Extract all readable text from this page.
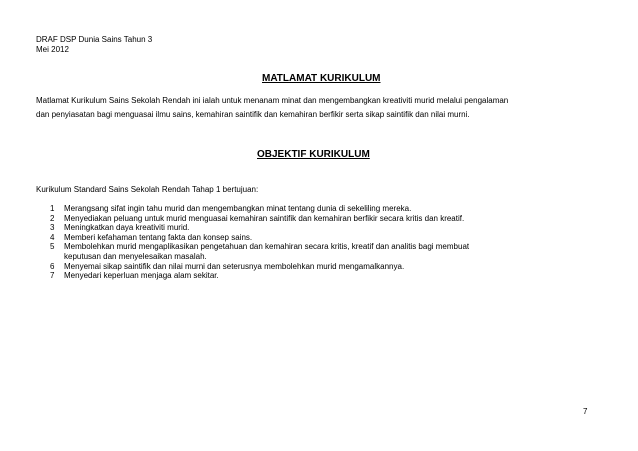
DRAF DSP Dunia Sains Tahun 3
Mei 2012
MATLAMAT KURIKULUM
Matlamat Kurikulum Sains Sekolah Rendah ini ialah untuk menanam minat dan mengembangkan kreativiti murid melalui pengalaman
dan penyiasatan bagi menguasai ilmu sains, kemahiran saintifik dan kemahiran berfikir serta sikap saintifik dan nilai murni.
OBJEKTIF KURIKULUM
Kurikulum Standard Sains Sekolah Rendah Tahap 1 bertujuan:
1	Merangsang sifat ingin tahu murid dan mengembangkan minat tentang dunia di sekeliling mereka.
2	Menyediakan peluang untuk murid menguasai kemahiran saintifik dan kemahiran berfikir secara kritis dan kreatif.
3	Meningkatkan daya kreativiti murid.
4	Memberi kefahaman tentang fakta dan konsep sains.
5	Membolehkan murid mengaplikasikan pengetahuan dan kemahiran secara kritis, kreatif dan analitis bagi membuat
keputusan dan menyelesaikan masalah.
6	Menyemai sikap saintifik dan nilai murni dan seterusnya membolehkan murid mengamalkannya.
7	Menyedari keperluan menjaga alam sekitar.
7
